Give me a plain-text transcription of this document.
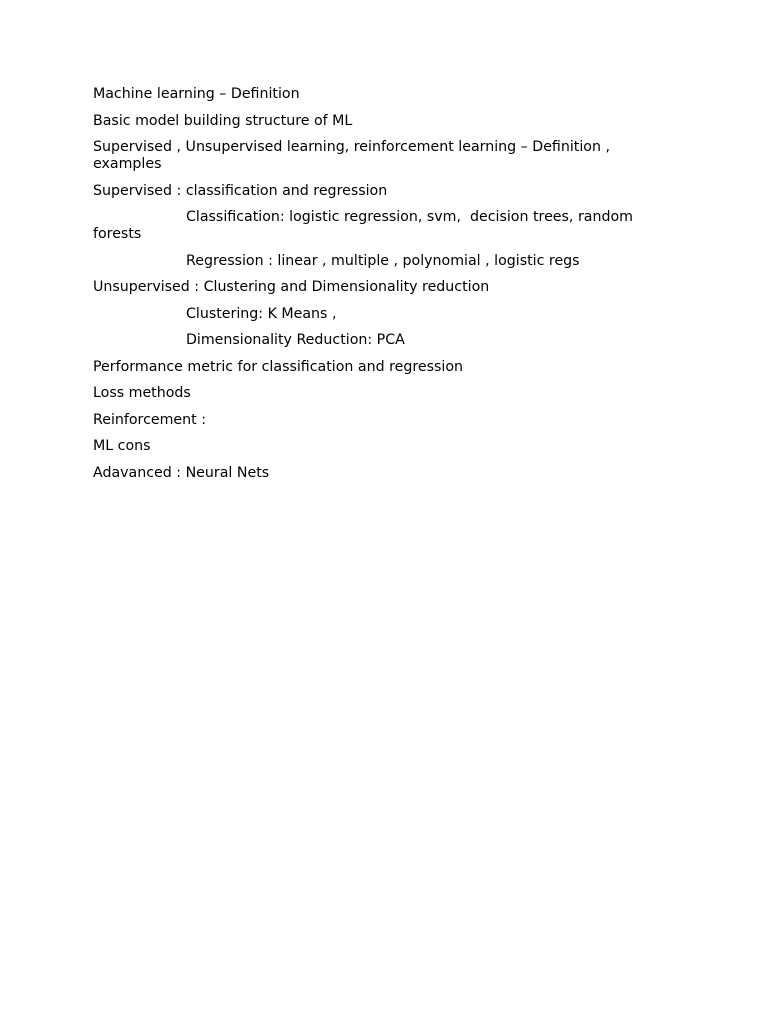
Machine learning – Definition

Basic model building structure of ML

Supervised , Unsupervised learning, reinforcement learning – Definition , examples

Supervised : classification and regression

Classification: logistic regression, svm,  decision trees, random forests

Regression : linear , multiple , polynomial , logistic regs

Unsupervised : Clustering and Dimensionality reduction

Clustering: K Means ,

Dimensionality Reduction: PCA

Performance metric for classification and regression

Loss methods

Reinforcement :

ML cons

Adavanced : Neural Nets
